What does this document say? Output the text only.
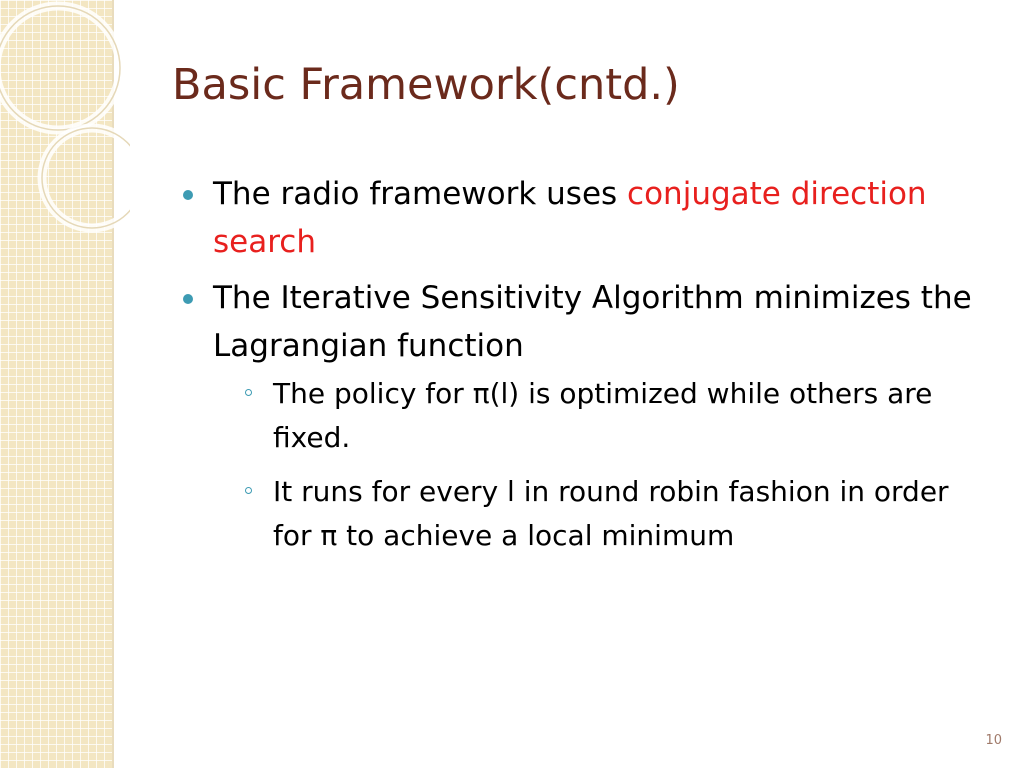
Basic Framework(cntd.)
The radio framework uses conjugate direction search
The Iterative Sensitivity Algorithm minimizes the Lagrangian function
The policy for π(l) is optimized while others are fixed.
It runs for every l in round robin fashion in order for π to achieve a local minimum
10
